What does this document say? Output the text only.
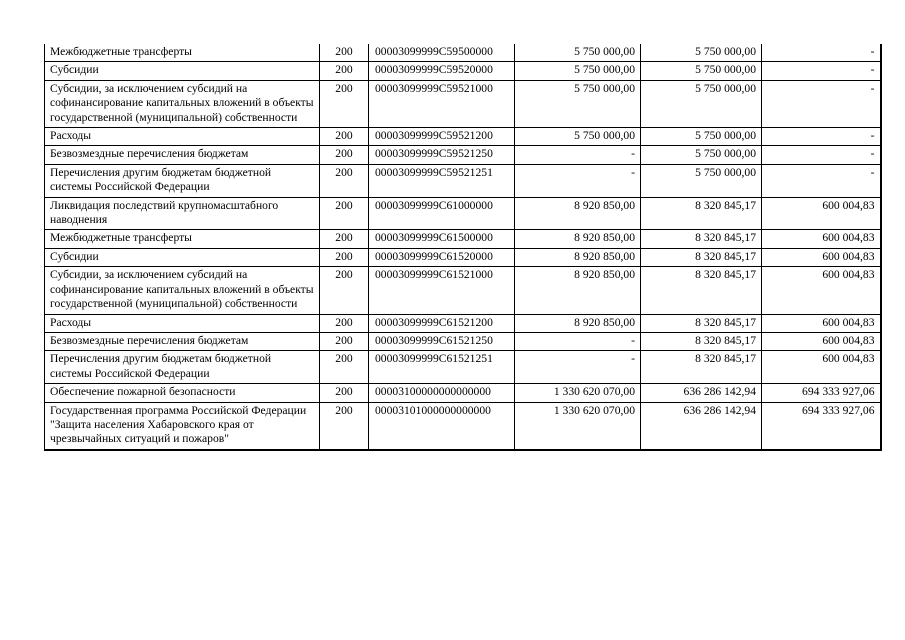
Межбюджетные трансферты	200	00003099999С59500000	5 750 000,00	5 750 000,00	-
Субсидии	200	00003099999С59520000	5 750 000,00	5 750 000,00	-
Субсидии, за исключением субсидий на софинансирование капитальных вложений в объекты государственной (муниципальной) собственности	200	00003099999С59521000	5 750 000,00	5 750 000,00	-
Расходы	200	00003099999С59521200	5 750 000,00	5 750 000,00	-
Безвозмездные перечисления бюджетам	200	00003099999С59521250	-	5 750 000,00	-
Перечисления другим бюджетам бюджетной системы Российской Федерации	200	00003099999С59521251	-	5 750 000,00	-
Ликвидация последствий крупномасштабного наводнения	200	00003099999С61000000	8 920 850,00	8 320 845,17	600 004,83
Межбюджетные трансферты	200	00003099999С61500000	8 920 850,00	8 320 845,17	600 004,83
Субсидии	200	00003099999С61520000	8 920 850,00	8 320 845,17	600 004,83
Субсидии, за исключением субсидий на софинансирование капитальных вложений в объекты государственной (муниципальной) собственности	200	00003099999С61521000	8 920 850,00	8 320 845,17	600 004,83
Расходы	200	00003099999С61521200	8 920 850,00	8 320 845,17	600 004,83
Безвозмездные перечисления бюджетам	200	00003099999С61521250	-	8 320 845,17	600 004,83
Перечисления другим бюджетам бюджетной системы Российской Федерации	200	00003099999С61521251	-	8 320 845,17	600 004,83
Обеспечение пожарной безопасности	200	00003100000000000000	1 330 620 070,00	636 286 142,94	694 333 927,06
Государственная программа Российской Федерации "Защита населения Хабаровского края от чрезвычайных ситуаций и пожаров"	200	00003101000000000000	1 330 620 070,00	636 286 142,94	694 333 927,06
